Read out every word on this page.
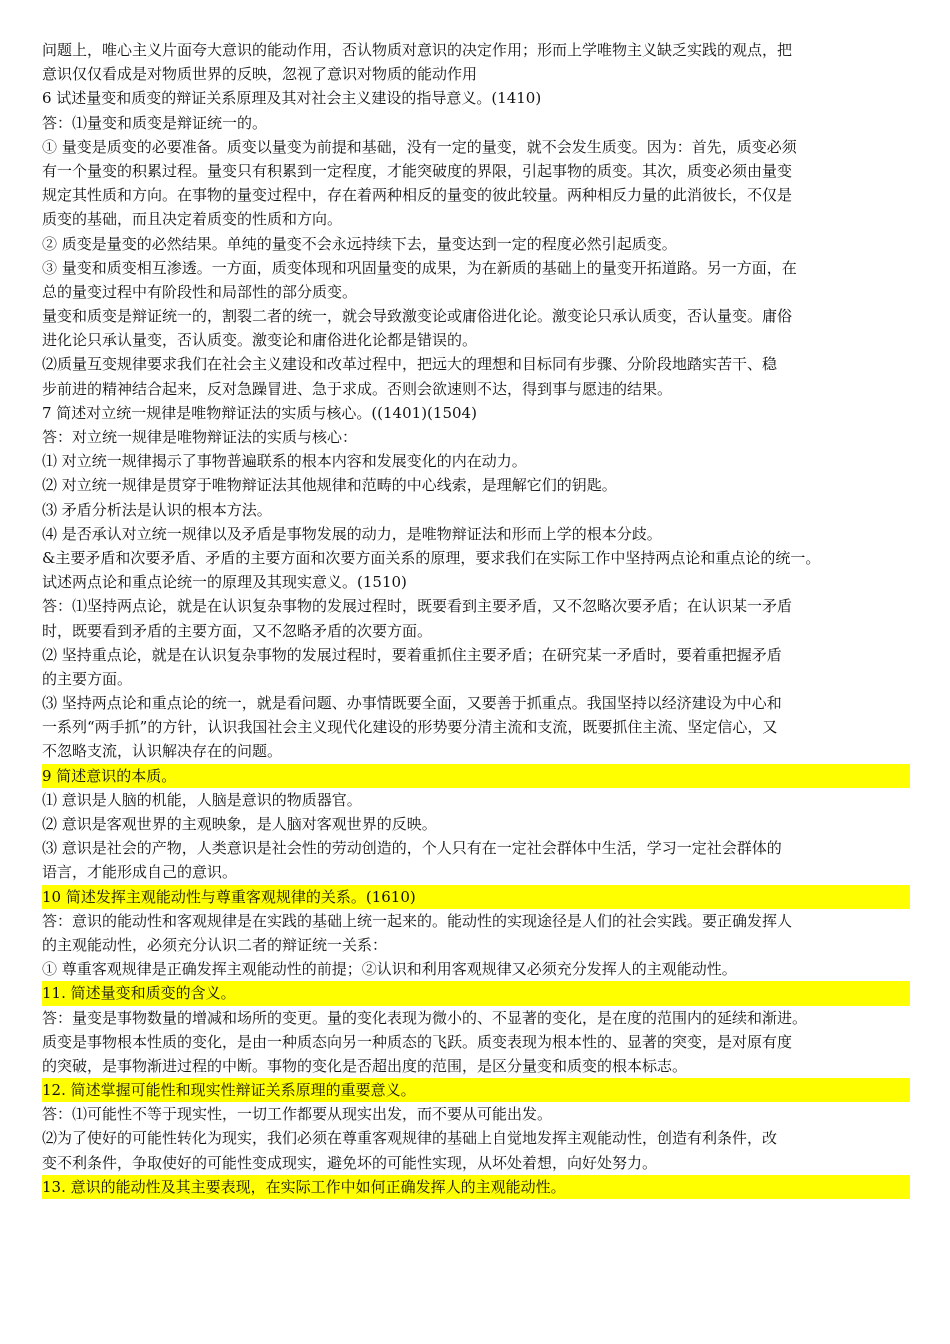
问题上，唯心主义片面夸大意识的能动作用，否认物质对意识的决定作用；形而上学唯物主义缺乏实践的观点，把
意识仅仅看成是对物质世界的反映，忽视了意识对物质的能动作用
6 试述量变和质变的辩证关系原理及其对社会主义建设的指导意义。(1410)
答：⑴量变和质变是辩证统一的。
① 量变是质变的必要准备。质变以量变为前提和基础，没有一定的量变，就不会发生质变。因为：首先，质变必须
有一个量变的积累过程。量变只有积累到一定程度，才能突破度的界限，引起事物的质变。其次，质变必须由量变
规定其性质和方向。在事物的量变过程中，存在着两种相反的量变的彼此较量。两种相反力量的此消彼长，不仅是
质变的基础，而且决定着质变的性质和方向。
② 质变是量变的必然结果。单纯的量变不会永远持续下去，量变达到一定的程度必然引起质变。
③ 量变和质变相互渗透。一方面，质变体现和巩固量变的成果，为在新质的基础上的量变开拓道路。另一方面，在
总的量变过程中有阶段性和局部性的部分质变。
量变和质变是辩证统一的，割裂二者的统一，就会导致激变论或庸俗进化论。激变论只承认质变，否认量变。庸俗
进化论只承认量变，否认质变。激变论和庸俗进化论都是错误的。
⑵质量互变规律要求我们在社会主义建设和改革过程中，把远大的理想和目标同有步骤、分阶段地踏实苦干、稳
步前进的精神结合起来，反对急躁冒进、急于求成。否则会欲速则不达，得到事与愿违的结果。
7 简述对立统一规律是唯物辩证法的实质与核心。((1401)(1504)
答：对立统一规律是唯物辩证法的实质与核心：
⑴ 对立统一规律揭示了事物普遍联系的根本内容和发展变化的内在动力。
⑵ 对立统一规律是贯穿于唯物辩证法其他规律和范畴的中心线索，是理解它们的钥匙。
⑶ 矛盾分析法是认识的根本方法。
⑷ 是否承认对立统一规律以及矛盾是事物发展的动力，是唯物辩证法和形而上学的根本分歧。
&主要矛盾和次要矛盾、矛盾的主要方面和次要方面关系的原理，要求我们在实际工作中坚持两点论和重点论的统一。
试述两点论和重点论统一的原理及其现实意义。(1510)
答：⑴坚持两点论，就是在认识复杂事物的发展过程时，既要看到主要矛盾，又不忽略次要矛盾；在认识某一矛盾
时，既要看到矛盾的主要方面，又不忽略矛盾的次要方面。
⑵ 坚持重点论，就是在认识复杂事物的发展过程时，要着重抓住主要矛盾；在研究某一矛盾时，要着重把握矛盾
的主要方面。
⑶ 坚持两点论和重点论的统一，就是看问题、办事情既要全面，又要善于抓重点。我国坚持以经济建设为中心和
一系列“两手抓”的方针，认识我国社会主义现代化建设的形势要分清主流和支流，既要抓住主流、坚定信心，又
不忽略支流，认识解决存在的问题。
9 简述意识的本质。
⑴ 意识是人脑的机能，人脑是意识的物质器官。
⑵ 意识是客观世界的主观映象，是人脑对客观世界的反映。
⑶ 意识是社会的产物，人类意识是社会性的劳动创造的，个人只有在一定社会群体中生活，学习一定社会群体的
语言，才能形成自己的意识。
10 简述发挥主观能动性与尊重客观规律的关系。(1610)
答：意识的能动性和客观规律是在实践的基础上统一起来的。能动性的实现途径是人们的社会实践。要正确发挥人
的主观能动性，必须充分认识二者的辩证统一关系：
① 尊重客观规律是正确发挥主观能动性的前提；②认识和利用客观规律又必须充分发挥人的主观能动性。
11. 简述量变和质变的含义。
答：量变是事物数量的增减和场所的变更。量的变化表现为微小的、不显著的变化，是在度的范围内的延续和渐进。
质变是事物根本性质的变化，是由一种质态向另一种质态的飞跃。质变表现为根本性的、显著的突变，是对原有度
的突破，是事物渐进过程的中断。事物的变化是否超出度的范围，是区分量变和质变的根本标志。
12. 简述掌握可能性和现实性辩证关系原理的重要意义。
答：⑴可能性不等于现实性，一切工作都要从现实出发，而不要从可能出发。
⑵为了使好的可能性转化为现实，我们必须在尊重客观规律的基础上自觉地发挥主观能动性，创造有利条件，改
变不利条件，争取使好的可能性变成现实，避免坏的可能性实现，从坏处着想，向好处努力。
13. 意识的能动性及其主要表现，在实际工作中如何正确发挥人的主观能动性。
